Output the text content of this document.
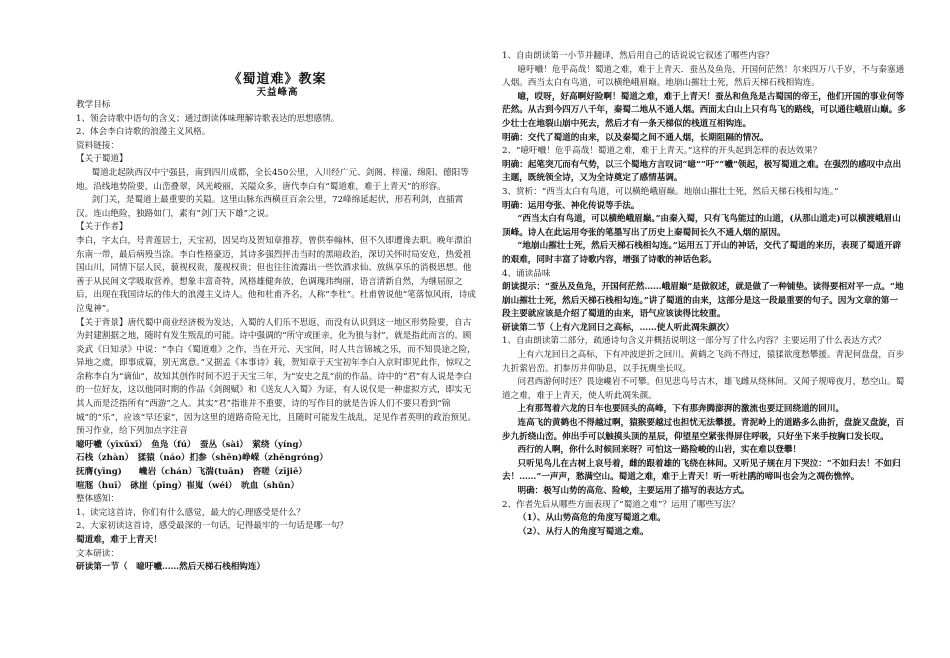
《蜀道难》教案
天益峰高

教学目标

1、领会诗歌中语句的含义；通过朗读体味理解诗歌表达的思想感情。

2、体会李白诗歌的浪漫主义风格。

资料链接：

【关于蜀道】

蜀道北起陕西汉中宁强县，南到四川成都，全长450公里，入川经广元、剑阁、梓潼、绵阳、德阳等地。沿线地势险要，山峦叠翠，风光峻丽，关隘众多，唐代李白有“蜀道难，难于上青天”的形容。

剑门关，是蜀道上最重要的关隘。这里山脉东西横亘百余公里，72峰绵延起伏，形若利剑，直插霄汉。连山绝险，独路如门，素有“剑门天下雄”之说。

【关于作者】

李白，字太白，号青莲居士，天宝初，因吴均及贺知章推荐，曾供奉翰林，但不久即遭谗去职。晚年漂泊东南一带，最后病殁当涂。李白性格豪迈，其诗多强烈抨击当时的黑暗政治，深切关怀时局安危，热爱祖国山川，同情下层人民，藐视权贵，蔑视权贵；但也往往流露出一些饮酒求仙、放纵享乐的消极思想。他善于从民间文学吸取营养，想象丰富奇特，风格雄健奔放，色调瑰玮绚丽，语言清新自然，为继屈原之后，出现在我国诗坛的伟大的浪漫主义诗人。他和杜甫齐名，人称“李杜”。杜甫曾说他“笔落惊风雨，诗成泣鬼神”。

【关于背景】唐代蜀中商业经济极为发达，入蜀的人们乐不思返，而没有认识到这一地区形势险要，自古为封建割据之地，随时有发生叛乱的可能。诗中强调的“所守或匪亲，化为狼与豺”，就是指此而言的。顾炎武《日知录》中说：“李白《蜀道难》之作，当在开元、天宝间，时人共言锦城之乐，而不知畏途之险，异地之虞，即事成篇，别无寓意。”又据孟《本事诗》载，贺知章于天宝初年李白入京时即见此作，惊叹之余称李白为“谪仙”，故知其创作时间不迟于天宝三年，为“安史之乱”前的作品。诗中的“君”有人说是李白的一位好友，这以他同时期的作品《剑阁赋》和《送友人入蜀》为证，有人说仅是一种虚拟方式，即实无其人而是泛指所有“西游”之人。其实“君”指谁并不重要，诗的写作目的就是告诉人们不要只看到“锦城”的“乐”，应该“早还家”，因为这里的道路奇险无比，且随时可能发生战乱，足见作者英明的政治预见。

预习作业，给下列加点字注音

噫吁嚱（yīxūxī）　鱼凫（fú）　蚕丛（sài）　萦绕（yíng）

石栈（zhàn）　猱猿（náo）扪参（shēn)峥嵘（zhēngróng）

抚膺(yīng)　　巉岩（chán）飞湍(tuān)　咨嗟（zījiē）

喧豗（huī）　砯崖（pīng）崔嵬（wéi）　吮血（shǔn）

整体感知：

1、读完这首诗，你们有什么感觉，最大的心理感受是什么？

2、大家初读这首诗，感受最深的一句话，记得最牢的一句话是哪一句？

蜀道难，难于上青天！

文本研读：

研读第一节（　噫吁嚱……然后天梯石栈相钩连）

1、自由朗读第一小节并翻译，然后用自己的话说说它叙述了哪些内容？

噫吁嚱！危乎高哉！蜀道之难，难于上青天．蚕丛及鱼凫，开国何茫然！尔来四万八千岁，不与秦塞通人烟。西当太白有鸟道，可以横绝峨眉巅。地崩山摧壮士死，然后天梯石栈相钩连。

噫，哎呀，好高啊好险啊！蜀道之难，难于上青天！蚕丛和鱼凫是古蜀国的帝王，他们开国的事业何等茫然。从古到今四万八千年，秦蜀二地从不通人烟。西面太白山上只有鸟飞的路线，可以通往峨眉山巅。多少壮士在地裂山崩中死去，然后才有一条天梯似的栈道互相钩连。

明确：交代了蜀道的由来，以及秦蜀之间不通人烟，长期阻隔的情况。

2、“噫吁嚱！危乎高哉！蜀道之难，难于上青天。”这样的开头起到怎样的表达效果？

明确：起笔突兀而有气势，以三个蜀地方言叹词“噫”“吁”“嚱”领起，极写蜀道之难。在强烈的感叹中点出主题，既统领全诗，又为全诗奠定了感情基调。

3、赏析：“西当太白有鸟道，可以横绝峨眉巅。地崩山摧壮士死，然后天梯石栈相勾连。”

明确：运用夸张、神化传说等手法。

“西当太白有鸟道，可以横绝峨眉巅。”由秦入蜀，只有飞鸟能过的山道，(从那山道走)可以横渡峨眉山顶峰。诗人在此运用夸张的笔墨写出了历史上秦蜀间长久不通人烟的原因。

“地崩山摧壮士死，然后天梯石栈相勾连。”运用五丁开山的神话，交代了蜀道的来历，表现了蜀道开辟的艰难，同时丰富了诗歌内容，增强了诗歌的神话色彩。

4、诵读品味

朗读提示：“蚕丛及鱼凫，开国何茫然……峨眉巅”是做叙述，就是做了一种铺垫。读得要相对平一点。“地崩山摧壮士死，然后天梯石栈相勾连。”讲了蜀道的由来，这部分是这一段最重要的句子。因为文章的第一段主要就应该是介绍了蜀道的由来，语气应该读得比较重。

研读第二节（上有六龙回日之高标，……使人听此凋朱颜次）

1、自由朗读第二部分，疏通诗句含义并概括说明这一部分写了什么内容？主要运用了什么表达方式？

上有六龙回日之高标，下有冲波逆折之回川。黄鹤之飞尚不得过，猿猱欲度愁攀援。青泥何盘盘，百步九折萦岩峦。扪参历井仰胁息，以手抚膺坐长叹。

问君西游何时还？畏途巉岩不可攀。但见悲鸟号古木，雄飞雌从绕林间。又闻子规啼夜月，愁空山。蜀道之难，难于上青天，使人听此凋朱颜。

上有那驾着六龙的日车也要回头的高峰，下有那奔腾澎湃的激流也要迂回绕道的回川。

连高飞的黄鹤也不得越过啊，猿猴要越过也担忧无法攀援。青泥岭上的道路多么曲折，盘旋又盘旋，百步九折绕山峦。伸出手可以触摸头顶的星辰，仰望星空紧张得屏住呼吸，只好坐下来手按胸口发长叹。

西行的人啊，你什么时候回来呀？可怕这一路险峻的山岩，实在难以登攀！

只听见鸟儿在古树上哀号着，雌的跟着雄的飞绕在林间。又听见子规在月下哭泣：“不如归去！不如归去！……”一声声，愁满空山。蜀道之难，难于上青天！听一听杜鹃的啼叫也会为之凋伤憔悴。

明确：极写山势的高危、险峻，主要运用了描写的表达方式。

2、作者先后从哪些方面表现了“蜀道之难”？运用了哪些写法？

（1）、从山势高危的角度写蜀道之难。

（2）、从行人的角度写蜀道之难。
